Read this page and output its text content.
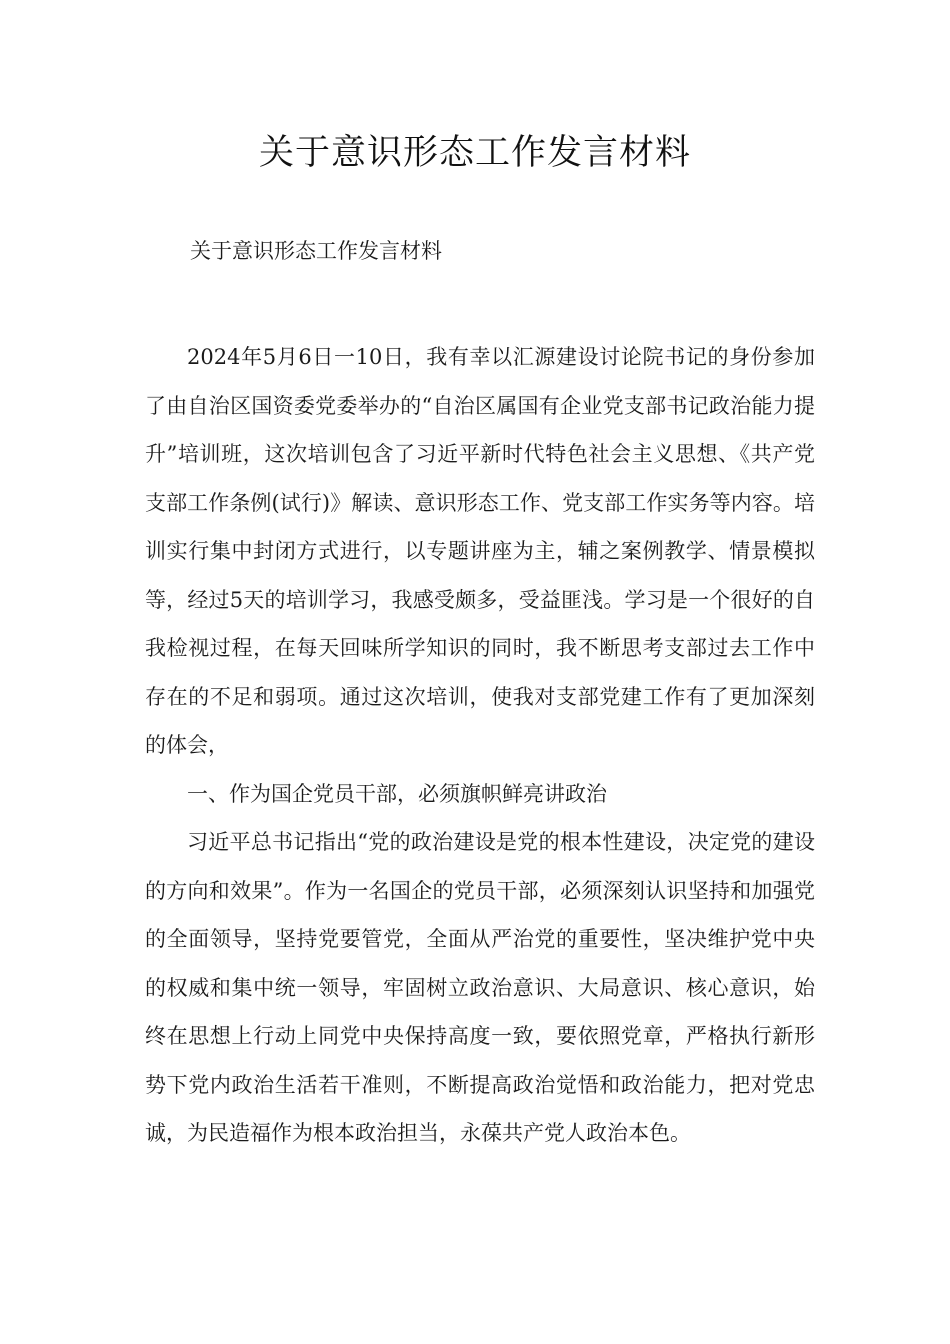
关于意识形态工作发言材料
关于意识形态工作发言材料

2024年5月6日一10日，我有幸以汇源建设讨论院书记的身份参加了由自治区国资委党委举办的“自治区属国有企业党支部书记政治能力提升”培训班，这次培训包含了习近平新时代特色社会主义思想、《共产党支部工作条例(试行)》解读、意识形态工作、党支部工作实务等内容。培训实行集中封闭方式进行，以专题讲座为主，辅之案例教学、情景模拟等，经过5天的培训学习，我感受颇多，受益匪浅。学习是一个很好的自我检视过程，在每天回味所学知识的同时，我不断思考支部过去工作中存在的不足和弱项。通过这次培训，使我对支部党建工作有了更加深刻的体会，

一、作为国企党员干部，必须旗帜鲜亮讲政治

习近平总书记指出“党的政治建设是党的根本性建设，决定党的建设的方向和效果”。作为一名国企的党员干部，必须深刻认识坚持和加强党的全面领导，坚持党要管党，全面从严治党的重要性，坚决维护党中央的权威和集中统一领导，牢固树立政治意识、大局意识、核心意识，始终在思想上行动上同党中央保持高度一致，要依照党章，严格执行新形势下党内政治生活若干准则，不断提高政治觉悟和政治能力，把对党忠诚，为民造福作为根本政治担当，永葆共产党人政治本色。
